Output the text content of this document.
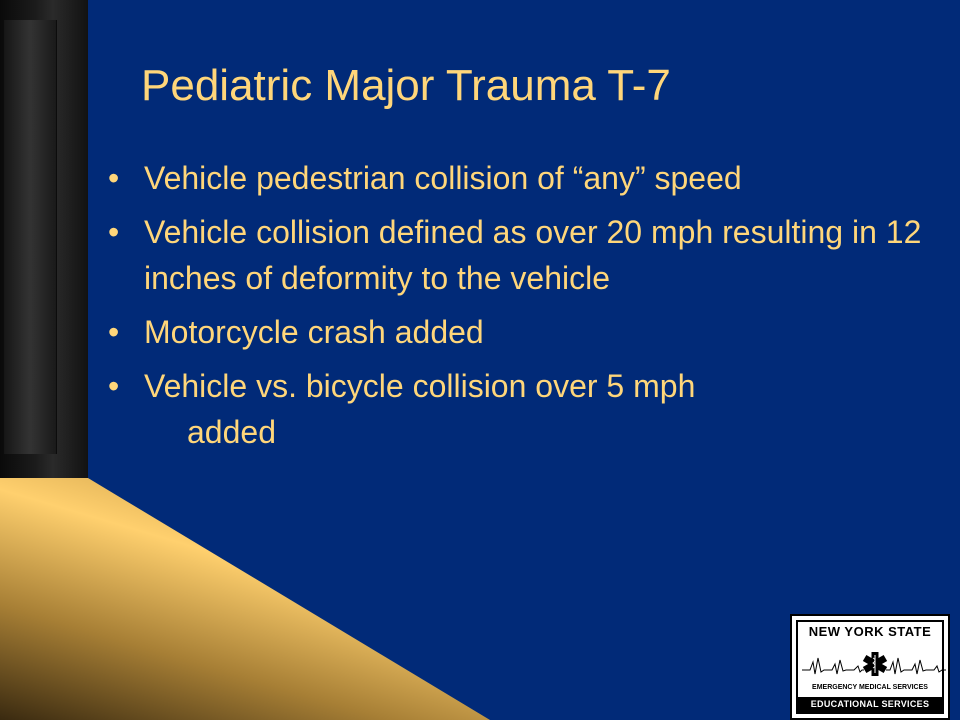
Pediatric Major Trauma T-7
• Vehicle pedestrian collision of “any” speed
• Vehicle collision defined as over 20 mph resulting in 12 inches of deformity to the vehicle
• Motorcycle crash added
• Vehicle vs. bicycle collision over 5 mph
added
NEW YORK STATE
EMERGENCY MEDICAL SERVICES
EDUCATIONAL SERVICES
